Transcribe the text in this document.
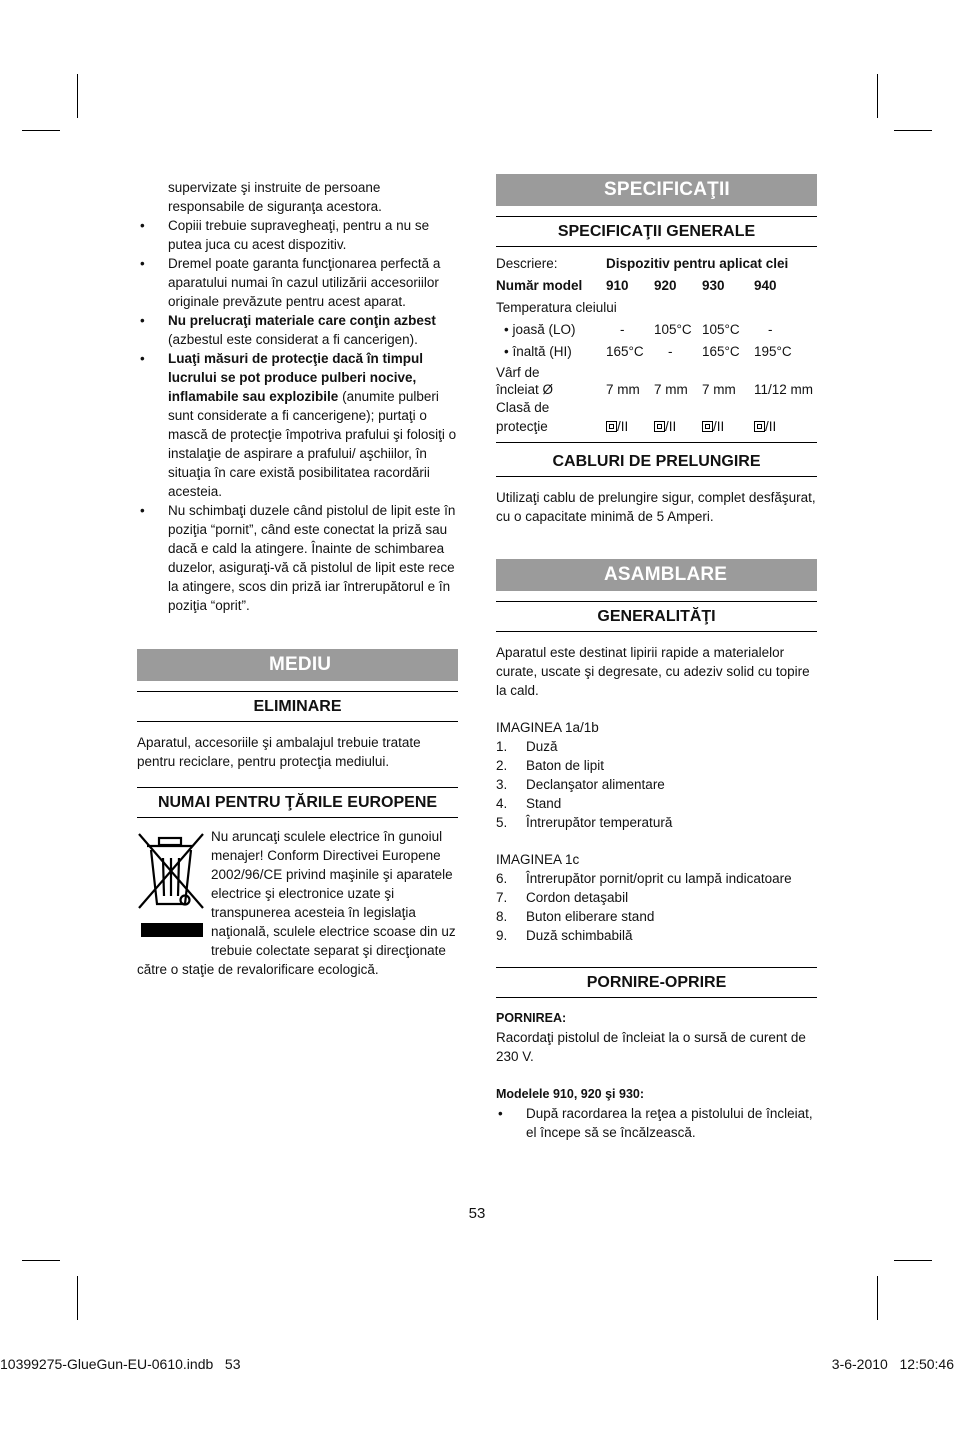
supervizate şi instruite de persoane responsabile de siguranţa acestora.
• Copiii trebuie supravegheaţi, pentru a nu se putea juca cu acest dispozitiv.
• Dremel poate garanta funcţionarea perfectă a aparatului numai în cazul utilizării accesoriilor originale prevăzute pentru acest aparat.
• Nu prelucraţi materiale care conţin azbest (azbestul este considerat a fi cancerigen).
• Luaţi măsuri de protecţie dacă în timpul lucrului se pot produce pulberi nocive, inflamabile sau explozibile (anumite pulberi sunt considerate a fi cancerigene); purtaţi o mască de protecţie împotriva prafului şi folosiţi o instalaţie de aspirare a prafului/ aşchiilor, în situaţia în care există posibilitatea racordării acesteia.
• Nu schimbaţi duzele când pistolul de lipit este în poziţia “pornit”, când este conectat la priză sau dacă e cald la atingere. Înainte de schimbarea duzelor, asiguraţi-vă că pistolul de lipit este rece la atingere, scos din priză iar întrerupătorul e în poziţia “oprit”.
MEDIU
ELIMINARE

Aparatul, accesoriile şi ambalajul trebuie tratate pentru reciclare, pentru protecţia mediului.

NUMAI PENTRU ŢĂRILE EUROPENE

Nu aruncaţi sculele electrice în gunoiul menajer! Conform Directivei Europene 2002/96/CE privind maşinile şi aparatele electrice şi electronice uzate şi transpunerea acesteia în legislaţia naţională, sculele electrice scoase din uz trebuie colectate separat şi direcţionate

către o staţie de revalorificare ecologică.

SPECIFICAŢII
SPECIFICAŢII GENERALE
Descriere:	Dispozitiv pentru aplicat clei			
Număr model	910	920	930	940
Temperatura cleiului				
• joasă (LO)	-	105°C	105°C	-
• înaltă (HI)	165°C	-	165°C	195°C
Vârf de
încleiat Ø	7 mm	7 mm	7 mm	11/12 mm
Clasă de
protecţie	/II	/II	/II	/II
CABLURI DE PRELUNGIRE

Utilizaţi cablu de prelungire sigur, complet desfăşurat, cu o capacitate minimă de 5 Amperi.

ASAMBLARE
GENERALITĂŢI

Aparatul este destinat lipirii rapide a materialelor curate, uscate şi degresate, cu adeziv solid cu topire la cald.

IMAGINEA 1a/1b

1. Duză
2. Baton de lipit
3. Declanşator alimentare
4. Stand
5. Întrerupător temperatură

IMAGINEA 1c

6. Întrerupător pornit/oprit cu lampă indicatoare
7. Cordon detaşabil
8. Buton eliberare stand
9. Duză schimbabilă
PORNIRE-OPRIRE

PORNIREA:

Racordaţi pistolul de încleiat la o sursă de curent de 230 V.

Modelele 910, 920 şi 930:

• După racordarea la reţea a pistolului de încleiat, el începe să se încălzească.
53
10399275-GlueGun-EU-0610.indb   53	3-6-2010   12:50:46
